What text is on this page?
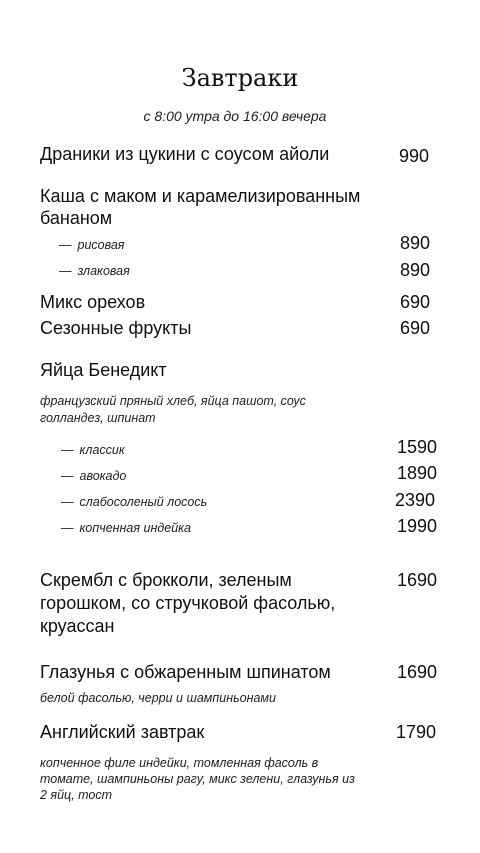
Завтраки
с 8:00 утра до 16:00 вечера
Драники из цукини с соусом айоли	990
Каша с маком и карамелизированным
бананом
— рисовая	890
— злаковая	890
Микс орехов	690
Сезонные фрукты	690
Яйца Бенедикт
французский пряный хлеб, яйца пашот, соус
голландез, шпинат
— классик	1590
— авокадо	1890
— слабосоленый лосось	2390
— копченная индейка	1990
Скрембл с брокколи, зеленым
горошком, со стручковой фасолью,
круассан
1690
Глазунья с обжаренным шпинатом	1690
белой фасолью, черри и шампиньонами
Английский завтрак	1790
копченное филе индейки, томленная фасоль в
томате, шампиньоны рагу, микс зелени, глазунья из
2 яйц, тост
